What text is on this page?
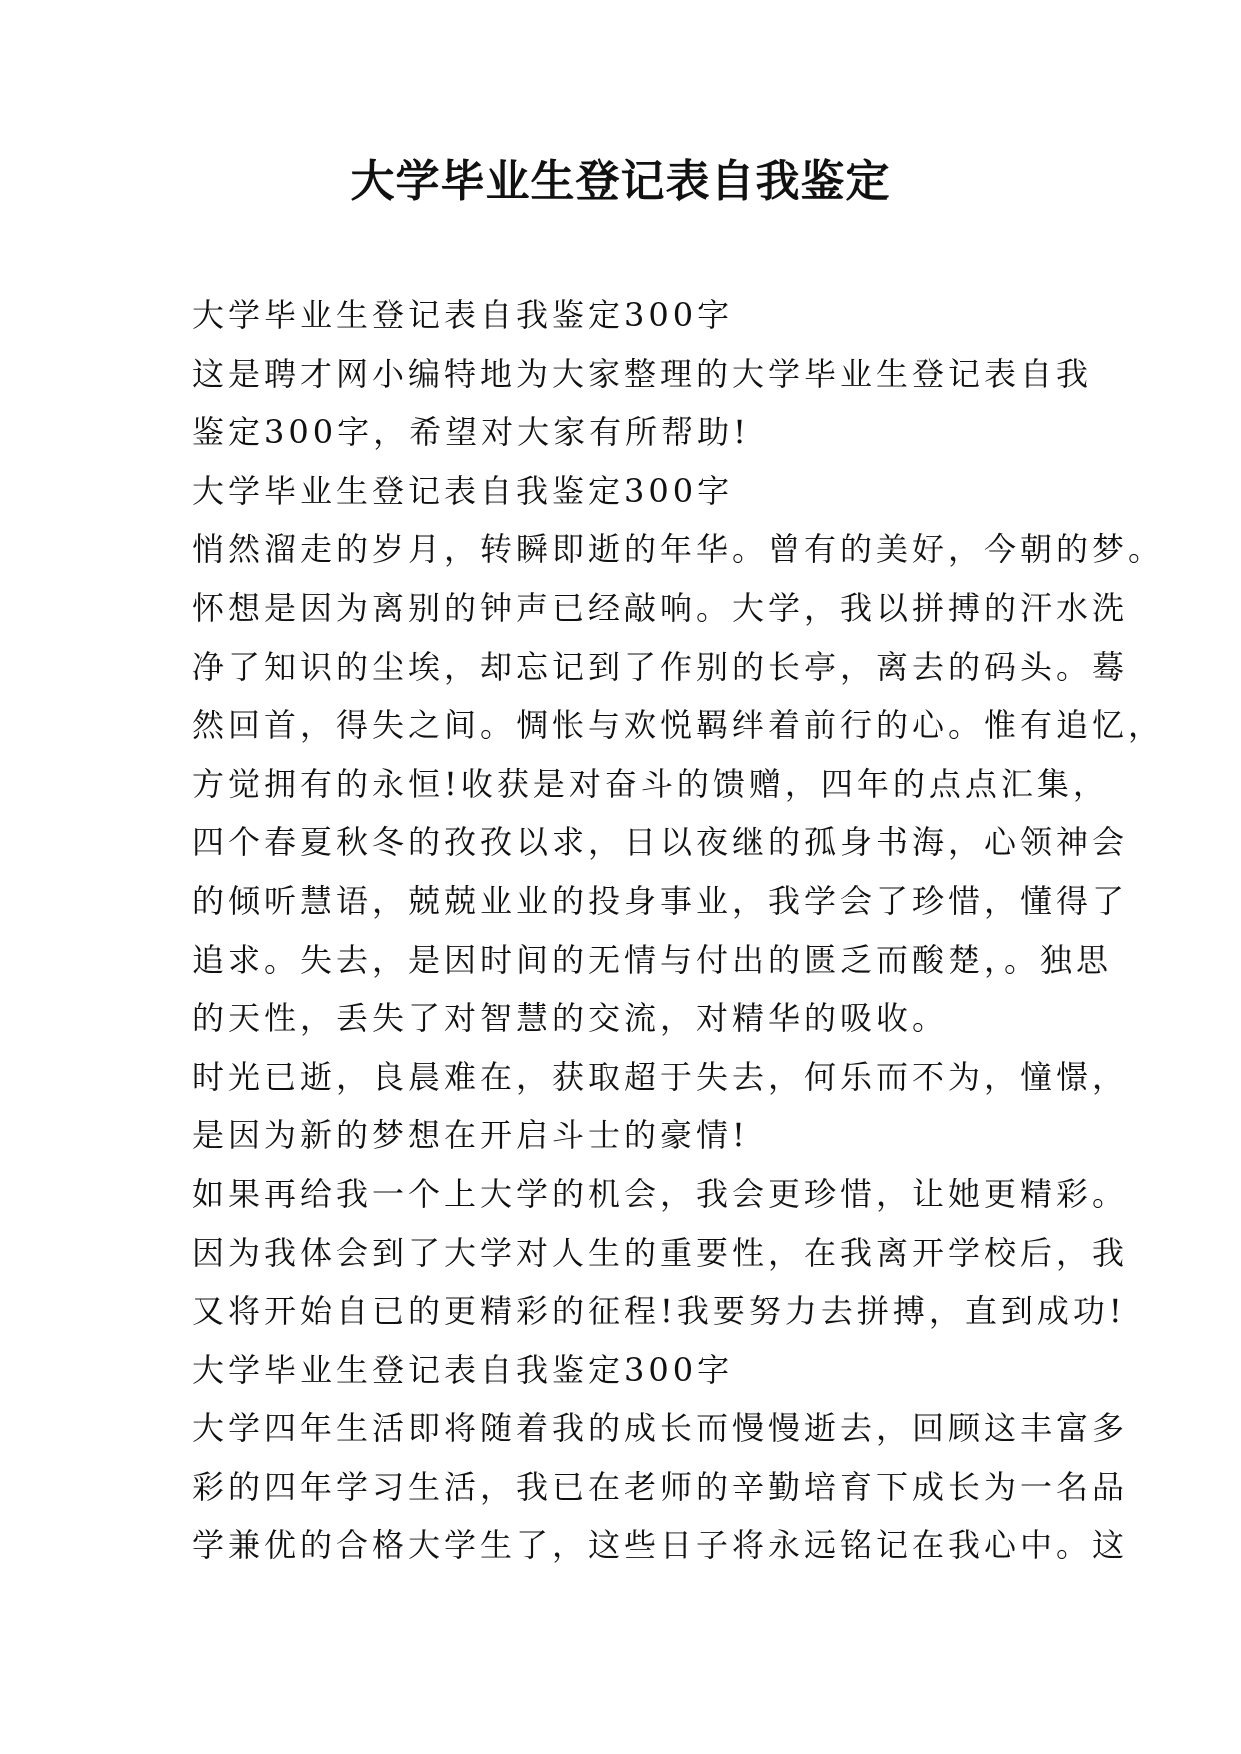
大学毕业生登记表自我鉴定
大学毕业生登记表自我鉴定300字
这是聘才网小编特地为大家整理的大学毕业生登记表自我
鉴定300字，希望对大家有所帮助!
大学毕业生登记表自我鉴定300字
悄然溜走的岁月，转瞬即逝的年华。曾有的美好，今朝的梦。
怀想是因为离别的钟声已经敲响。大学，我以拼搏的汗水洗
净了知识的尘埃，却忘记到了作别的长亭，离去的码头。蓦
然回首，得失之间。惆怅与欢悦羁绊着前行的心。惟有追忆，
方觉拥有的永恒!收获是对奋斗的馈赠，四年的点点汇集，
四个春夏秋冬的孜孜以求，日以夜继的孤身书海，心领神会
的倾听慧语，兢兢业业的投身事业，我学会了珍惜，懂得了
追求。失去，是因时间的无情与付出的匮乏而酸楚，。独思
的天性，丢失了对智慧的交流，对精华的吸收。
时光已逝，良晨难在，获取超于失去，何乐而不为，憧憬，
是因为新的梦想在开启斗士的豪情!
如果再给我一个上大学的机会，我会更珍惜，让她更精彩。
因为我体会到了大学对人生的重要性，在我离开学校后，我
又将开始自已的更精彩的征程!我要努力去拼搏，直到成功!
大学毕业生登记表自我鉴定300字
大学四年生活即将随着我的成长而慢慢逝去，回顾这丰富多
彩的四年学习生活，我已在老师的辛勤培育下成长为一名品
学兼优的合格大学生了，这些日子将永远铭记在我心中。这
